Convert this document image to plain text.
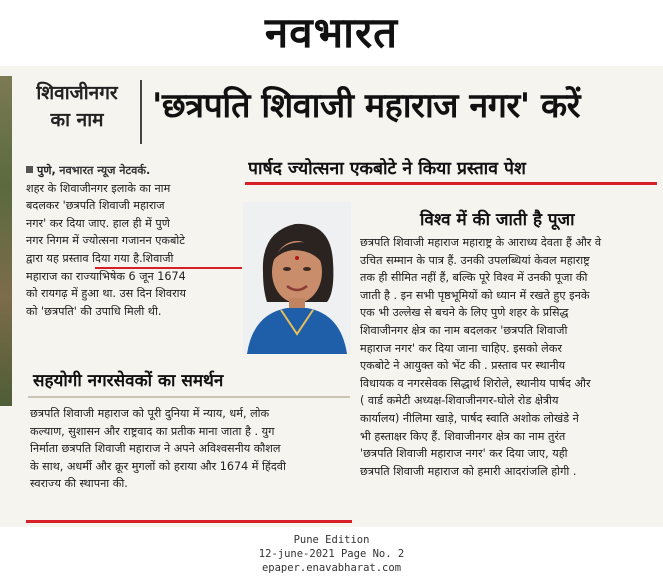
नवभारत
शिवाजीनगर
का नाम	'छत्रपति शिवाजी महाराज नगर' करें
पार्षद ज्योत्सना एकबोटे ने किया प्रस्ताव पेश
पुणे, नवभारत न्यूज नेटवर्क.
शहर के शिवाजीनगर इलाके का नाम
बदलकर 'छत्रपति शिवाजी महाराज
नगर' कर दिया जाए. हाल ही में पुणे
नगर निगम में ज्योत्सना गजानन एकबोटे
द्वारा यह प्रस्ताव दिया गया है.शिवाजी
महाराज का राज्याभिषेक 6 जून 1674
को रायगढ़ में हुआ था. उस दिन शिवराय
को 'छत्रपति' की उपाधि मिली थी.
विश्व में की जाती है पूजा
छत्रपति शिवाजी महाराज महाराष्ट्र के आराध्य देवता हैं और वे
उचित सम्मान के पात्र हैं. उनकी उपलब्धियां केवल महाराष्ट्र
तक ही सीमित नहीं हैं, बल्कि पूरे विश्व में उनकी पूजा की
जाती है . इन सभी पृष्ठभूमियों को ध्यान में रखते हुए इनके
एक भी उल्लेख से बचने के लिए पुणे शहर के प्रसिद्ध
शिवाजीनगर क्षेत्र का नाम बदलकर 'छत्रपति शिवाजी
महाराज नगर' कर दिया जाना चाहिए. इसको लेकर
एकबोटे ने आयुक्त को भेंट की . प्रस्ताव पर स्थानीय
विधायक व नगरसेवक सिद्धार्थ शिरोले, स्थानीय पार्षद और
( वार्ड कमेटी अध्यक्ष-शिवाजीनगर-घोले रोड क्षेत्रीय
कार्यालय) नीलिमा खाड़े, पार्षद स्वाति अशोक लोखंडे ने
भी हस्ताक्षर किए हैं. शिवाजीनगर क्षेत्र का नाम तुरंत
'छत्रपति शिवाजी महाराज नगर' कर दिया जाए, यही
छत्रपति शिवाजी महाराज को हमारी आदरांजलि होगी .
सहयोगी नगरसेवकों का समर्थन
छत्रपति शिवाजी महाराज को पूरी दुनिया में न्याय, धर्म, लोक
कल्याण, सुशासन और राष्ट्रवाद का प्रतीक माना जाता है . युग
निर्माता छत्रपति शिवाजी महाराज ने अपने अविश्वसनीय कौशल
के साथ, अधर्मी और क्रूर मुगलों को हराया और 1674 में हिंदवी
स्वराज्य की स्थापना की.
Pune Edition
12-june-2021 Page No. 2
epaper.enavabharat.com
